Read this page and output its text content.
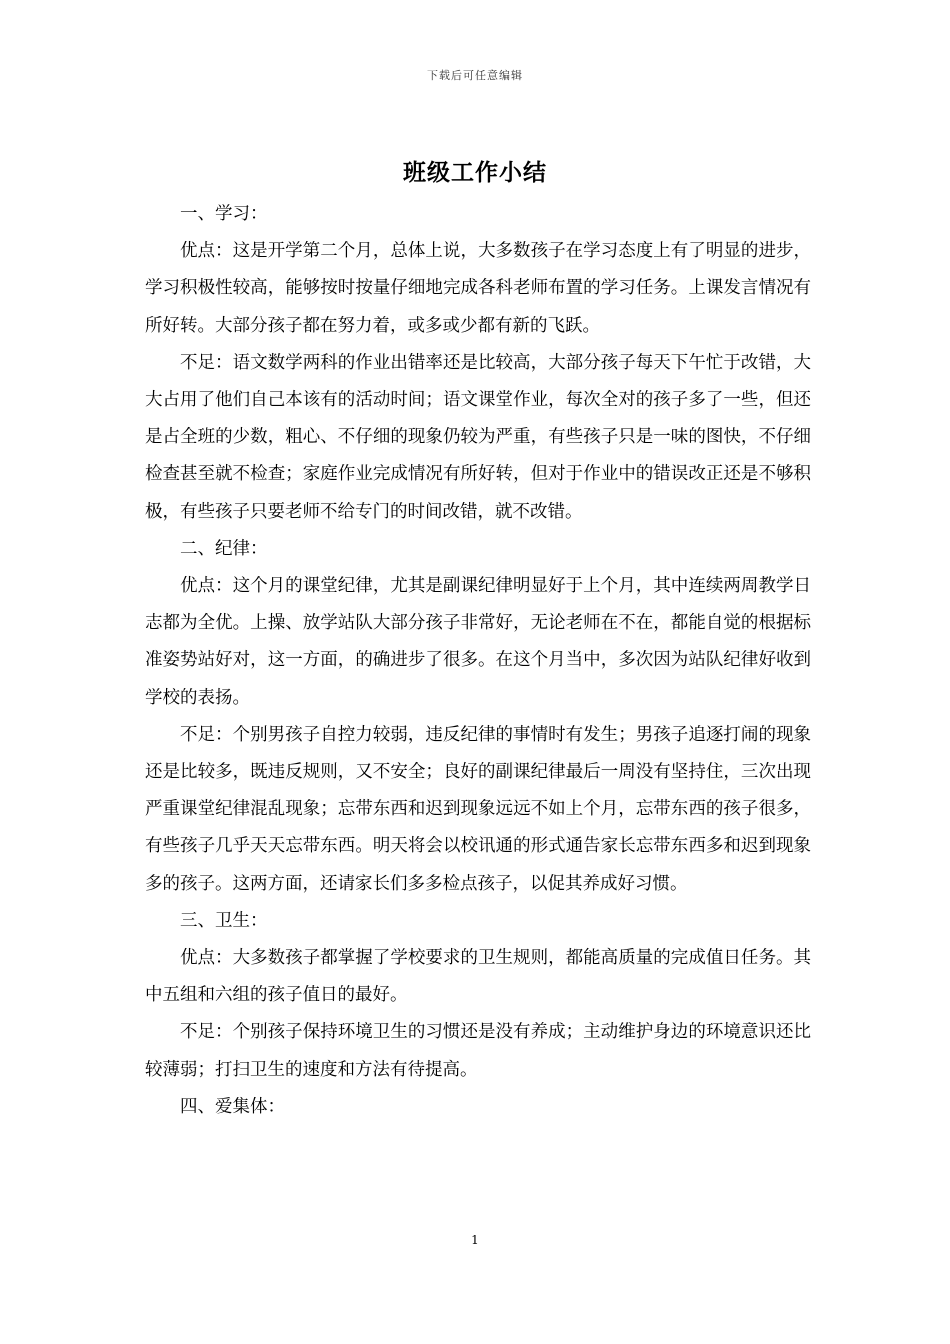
下载后可任意编辑
班级工作小结

一、学习：

优点：这是开学第二个月，总体上说，大多数孩子在学习态度上有了明显的进步，学习积极性较高，能够按时按量仔细地完成各科老师布置的学习任务。上课发言情况有所好转。大部分孩子都在努力着，或多或少都有新的飞跃。

不足：语文数学两科的作业出错率还是比较高，大部分孩子每天下午忙于改错，大大占用了他们自己本该有的活动时间；语文课堂作业，每次全对的孩子多了一些，但还是占全班的少数，粗心、不仔细的现象仍较为严重，有些孩子只是一味的图快，不仔细检查甚至就不检查；家庭作业完成情况有所好转，但对于作业中的错误改正还是不够积极，有些孩子只要老师不给专门的时间改错，就不改错。

二、纪律：

优点：这个月的课堂纪律，尤其是副课纪律明显好于上个月，其中连续两周教学日志都为全优。上操、放学站队大部分孩子非常好，无论老师在不在，都能自觉的根据标准姿势站好对，这一方面，的确进步了很多。在这个月当中，多次因为站队纪律好收到学校的表扬。

不足：个别男孩子自控力较弱，违反纪律的事情时有发生；男孩子追逐打闹的现象还是比较多，既违反规则，又不安全；良好的副课纪律最后一周没有坚持住，三次出现严重课堂纪律混乱现象；忘带东西和迟到现象远远不如上个月，忘带东西的孩子很多，有些孩子几乎天天忘带东西。明天将会以校讯通的形式通告家长忘带东西多和迟到现象多的孩子。这两方面，还请家长们多多检点孩子，以促其养成好习惯。

三、卫生：

优点：大多数孩子都掌握了学校要求的卫生规则，都能高质量的完成值日任务。其中五组和六组的孩子值日的最好。

不足：个别孩子保持环境卫生的习惯还是没有养成；主动维护身边的环境意识还比较薄弱；打扫卫生的速度和方法有待提高。

四、爱集体：

1
